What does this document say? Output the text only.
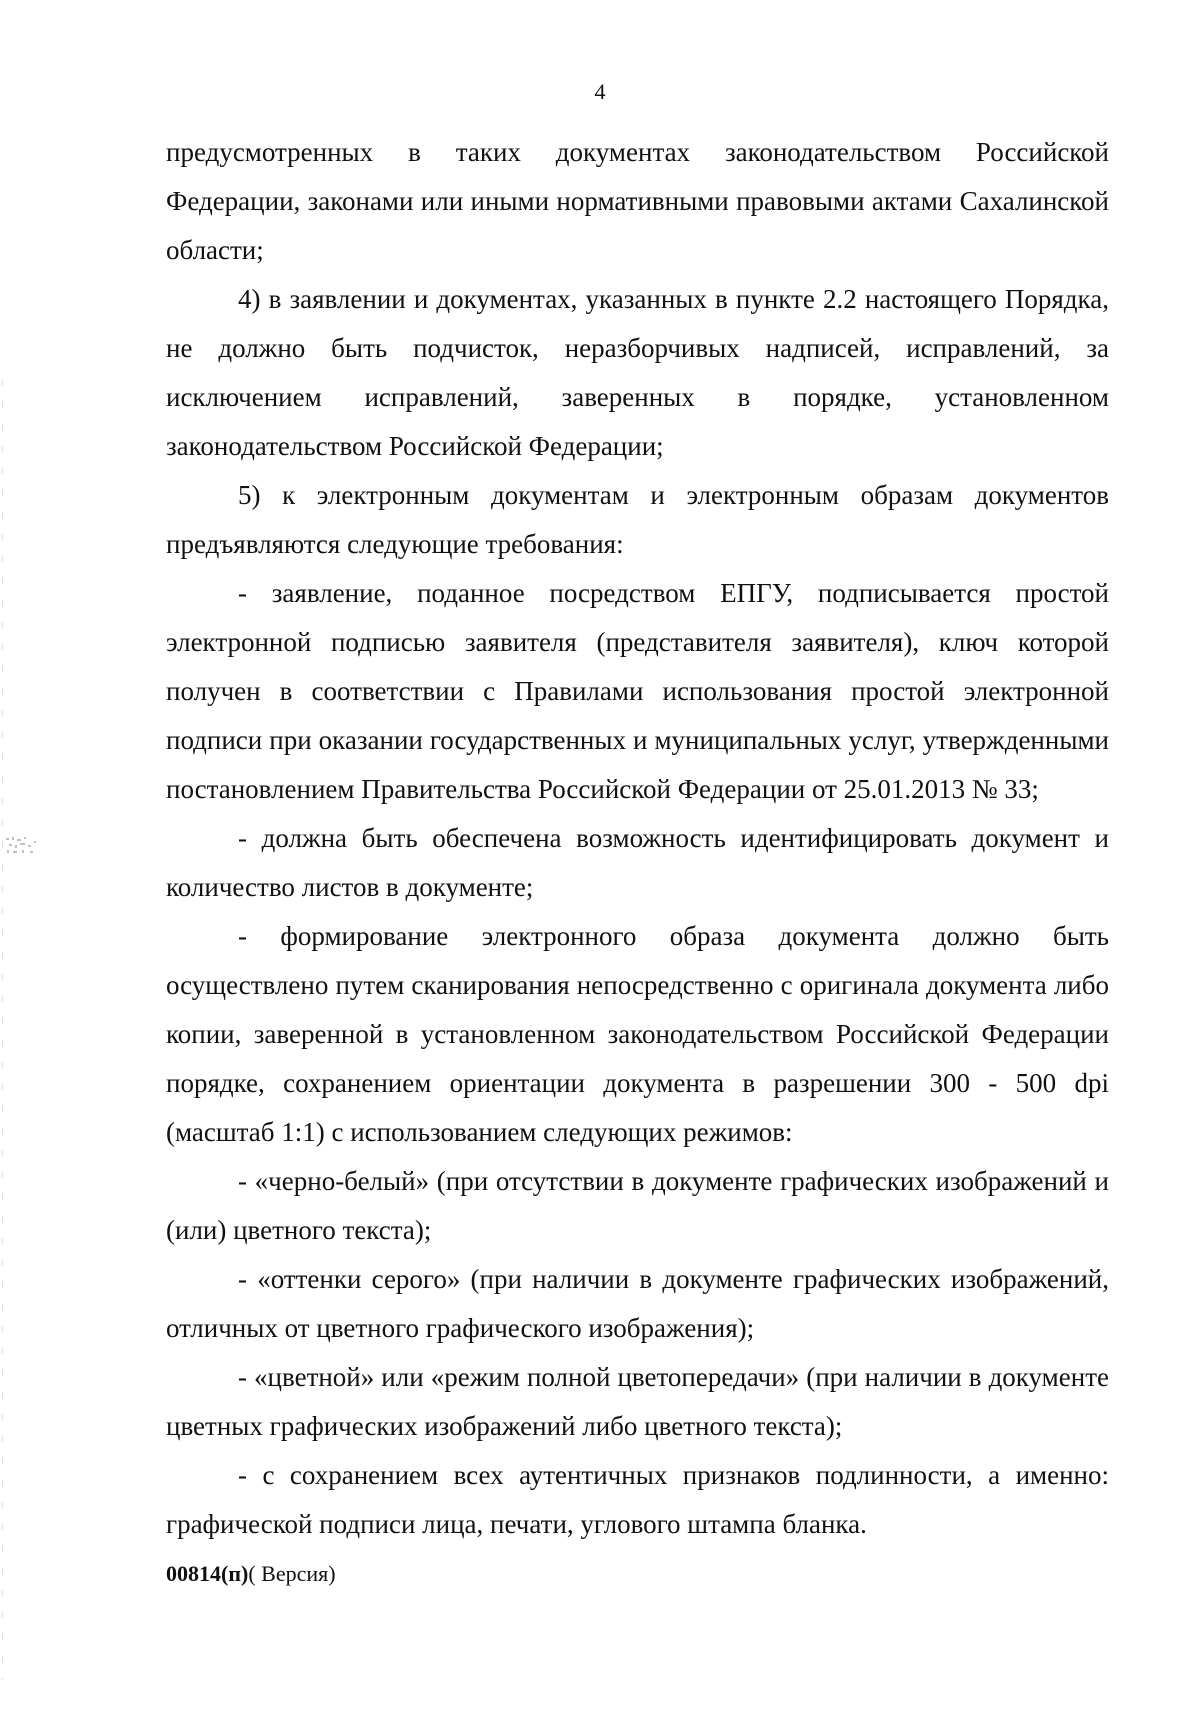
4

предусмотренных в таких документах законодательством Российской Федерации, законами или иными нормативными правовыми актами Сахалинской области;

4) в заявлении и документах, указанных в пункте 2.2 настоящего Порядка, не должно быть подчисток, неразборчивых надписей, исправлений, за исключением исправлений, заверенных в порядке, установленном законодательством Российской Федерации;

5) к электронным документам и электронным образам документов предъявляются следующие требования:

- заявление, поданное посредством ЕПГУ, подписывается простой электронной подписью заявителя (представителя заявителя), ключ которой получен в соответствии с Правилами использования простой электронной подписи при оказании государственных и муниципальных услуг, утвержденными постановлением Правительства Российской Федерации от 25.01.2013 № 33;

- должна быть обеспечена возможность идентифицировать документ и количество листов в документе;

- формирование электронного образа документа должно быть осуществлено путем сканирования непосредственно с оригинала документа либо копии, заверенной в установленном законодательством Российской Федерации порядке, сохранением ориентации документа в разрешении 300 - 500 dpi (масштаб 1:1) с использованием следующих режимов:

- «черно-белый» (при отсутствии в документе графических изображений и (или) цветного текста);

- «оттенки серого» (при наличии в документе графических изображений, отличных от цветного графического изображения);

- «цветной» или «режим полной цветопередачи» (при наличии в документе цветных графических изображений либо цветного текста);

- с сохранением всех аутентичных признаков подлинности, а именно: графической подписи лица, печати, углового штампа бланка.

00814(п)( Версия)
